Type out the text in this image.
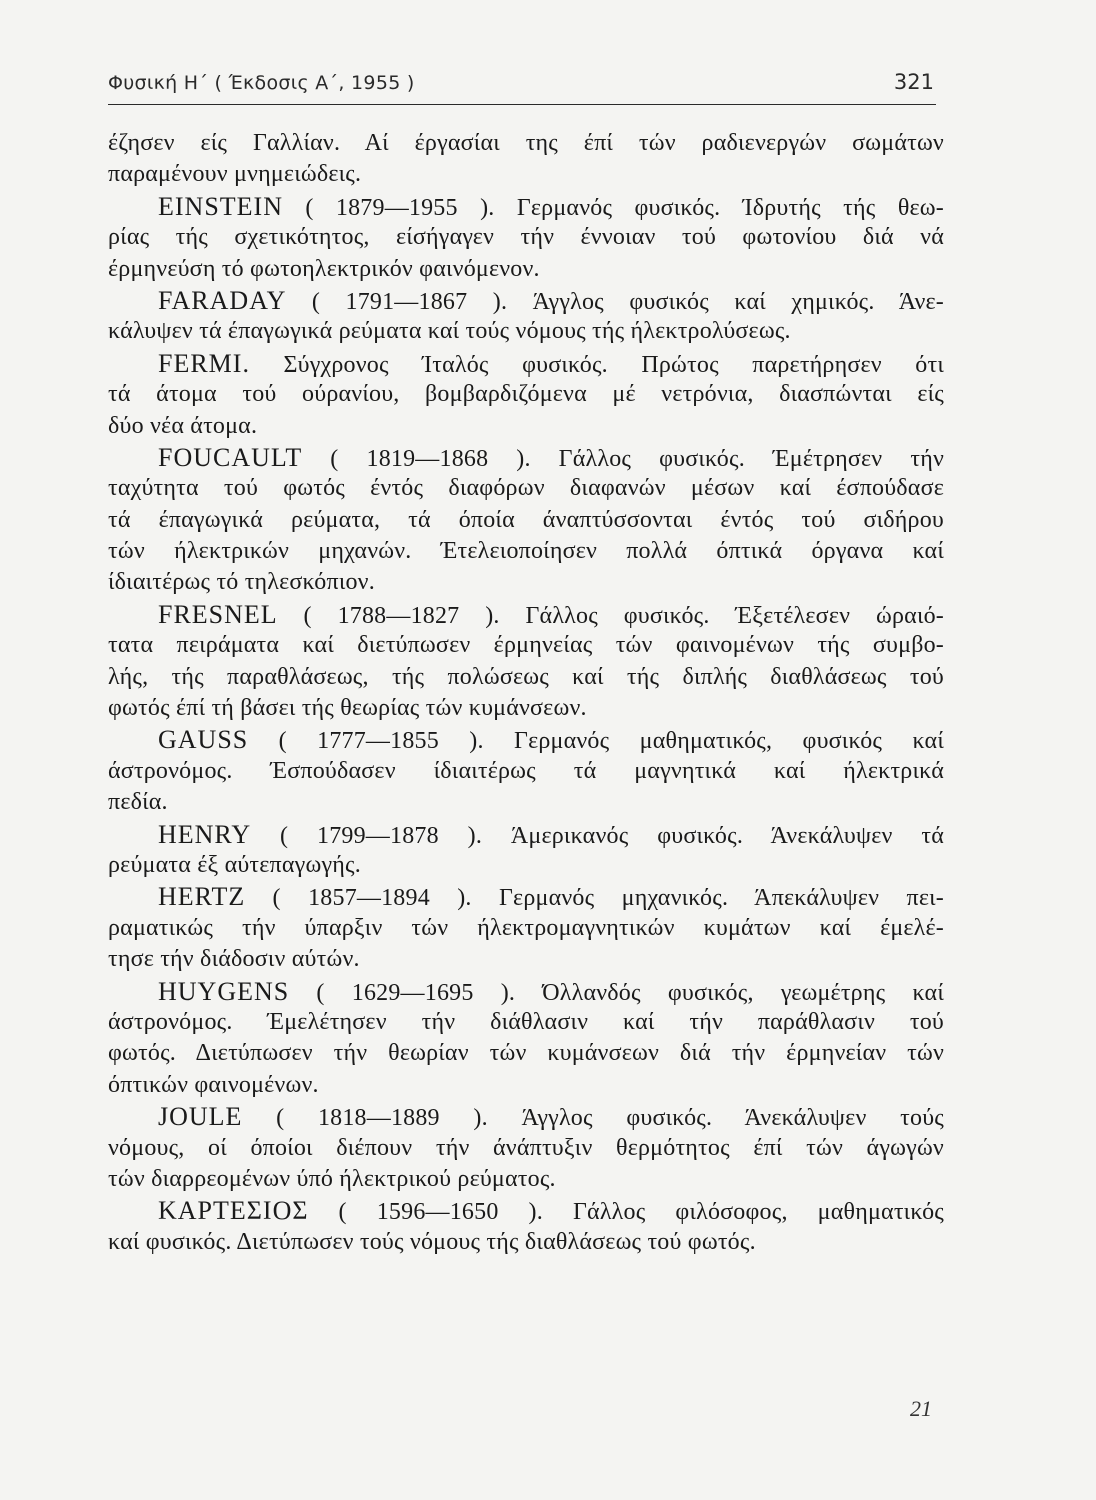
Φυσική Η΄ ( Έκδοσις Α΄, 1955 )	321
έζησεν είς Γαλλίαν. Αί έργασίαι της έπί τών ραδιενεργών σωμάτων
παραμένουν μνημειώδεις.
EINSTEIN ( 1879—1955 ). Γερμανός φυσικός. Ίδρυτής τής θεω-
ρίας τής σχετικότητος, είσήγαγεν τήν έννοιαν τού φωτονίου διά νά
έρμηνεύση τό φωτοηλεκτρικόν φαινόμενον.
FARADAY ( 1791—1867 ). Άγγλος φυσικός καί χημικός. Άνε-
κάλυψεν τά έπαγωγικά ρεύματα καί τούς νόμους τής ήλεκτρολύσεως.
FERMI. Σύγχρονος Ίταλός φυσικός. Πρώτος παρετήρησεν ότι
τά άτομα τού ούρανίου, βομβαρδιζόμενα μέ νετρόνια, διασπώνται είς
δύο νέα άτομα.
FOUCAULT ( 1819—1868 ). Γάλλος φυσικός. Έμέτρησεν τήν
ταχύτητα τού φωτός έντός διαφόρων διαφανών μέσων καί έσπούδασε
τά έπαγωγικά ρεύματα, τά όποία άναπτύσσονται έντός τού σιδήρου
τών ήλεκτρικών μηχανών. Έτελειοποίησεν πολλά όπτικά όργανα καί
ίδιαιτέρως τό τηλεσκόπιον.
FRESNEL ( 1788—1827 ). Γάλλος φυσικός. Έξετέλεσεν ώραιό-
τατα πειράματα καί διετύπωσεν έρμηνείας τών φαινομένων τής συμβο-
λής, τής παραθλάσεως, τής πολώσεως καί τής διπλής διαθλάσεως τού
φωτός έπί τή βάσει τής θεωρίας τών κυμάνσεων.
GAUSS ( 1777—1855 ). Γερμανός μαθηματικός, φυσικός καί
άστρονόμος. Έσπούδασεν ίδιαιτέρως τά μαγνητικά καί ήλεκτρικά
πεδία.
HENRY ( 1799—1878 ). Άμερικανός φυσικός. Άνεκάλυψεν τά
ρεύματα έξ αύτεπαγωγής.
HERTZ ( 1857—1894 ). Γερμανός μηχανικός. Άπεκάλυψεν πει-
ραματικώς τήν ύπαρξιν τών ήλεκτρομαγνητικών κυμάτων καί έμελέ-
τησε τήν διάδοσιν αύτών.
HUYGENS ( 1629—1695 ). Όλλανδός φυσικός, γεωμέτρης καί
άστρονόμος. Έμελέτησεν τήν διάθλασιν καί τήν παράθλασιν τού
φωτός. Διετύπωσεν τήν θεωρίαν τών κυμάνσεων διά τήν έρμηνείαν τών
όπτικών φαινομένων.
JOULE ( 1818—1889 ). Άγγλος φυσικός. Άνεκάλυψεν τούς
νόμους, οί όποίοι διέπουν τήν άνάπτυξιν θερμότητος έπί τών άγωγών
τών διαρρεομένων ύπό ήλεκτρικού ρεύματος.
ΚΑΡΤΕΣΙΟΣ ( 1596—1650 ). Γάλλος φιλόσοφος, μαθηματικός
καί φυσικός. Διετύπωσεν τούς νόμους τής διαθλάσεως τού φωτός.
21
